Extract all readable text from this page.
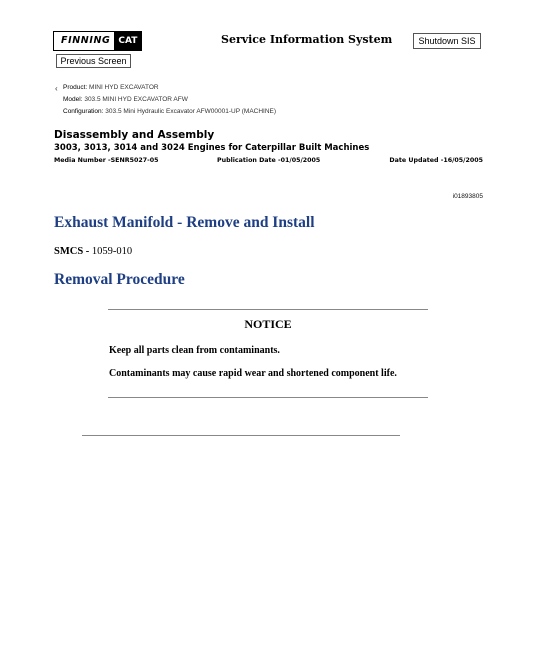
FINNING CAT	Service Information System	Shutdown SIS
Previous Screen
‹ Product: MINI HYD EXCAVATOR
Model: 303.5 MINI HYD EXCAVATOR AFW
Configuration: 303.5 Mini Hydraulic Excavator AFW00001-UP (MACHINE)
Disassembly and Assembly
3003, 3013, 3014 and 3024 Engines for Caterpillar Built Machines
Media Number -SENR5027-05	Publication Date -01/05/2005	Date Updated -16/05/2005
i01893805
Exhaust Manifold - Remove and Install
SMCS - 1059-010
Removal Procedure
NOTICE
Keep all parts clean from contaminants.
Contaminants may cause rapid wear and shortened component life.
